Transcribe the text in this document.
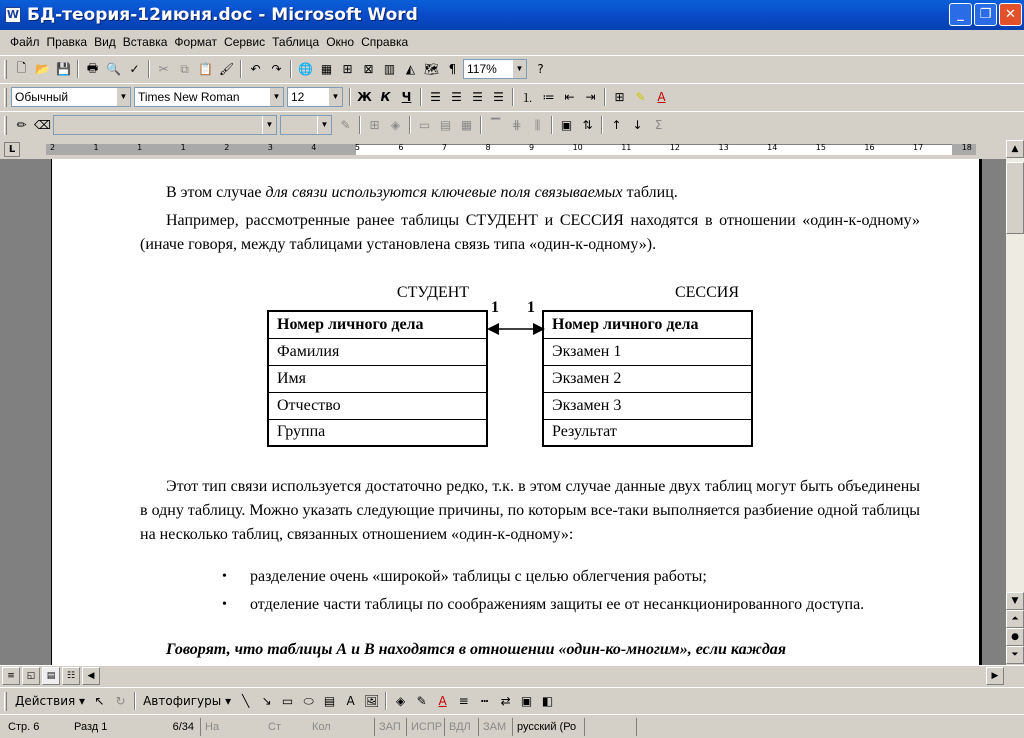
W БД-теория-12июня.doc - Microsoft Word	_	❐	✕
Файл Правка Вид Вставка Формат Сервис Таблица Окно Справка
🗋 📂 💾	🖶 🔍 ✓	✂ ⧉ 📋 🖌	↶ ↷	🌐 ▦ ⊞ ⊠ ▥ ◭ 🗺 ¶ 117%	▼	?
Обычный	▼ Times New Roman	▼ 12	▼ Ж К Ч	☰ ☰ ☰ ☰	⒈ ≔ ⇤ ⇥	⊞ ✎ A
✏ ⌫	▼	▼	✎	⊞ ◈	▭ ▤ ▦	▔ ⋕	⫼	▣ ⇅	↑ ↓	Σ
L	2	1	1	1	2	3	4	5	6	7	8	9	10	11	12	13	14	15	16	17	18

В этом случае для связи используются ключевые поля связываемых таблиц.

Например, рассмотренные ранее таблицы СТУДЕНТ и СЕССИЯ находятся в отношении «один-к-одному» (иначе говоря, между таблицами установлена связь типа «один-к-одному»).

СТУДЕНТ	СЕССИЯ
1 1
Номер личного дела
Фамилия
Имя
Отчество
Группа
Номер личного дела
Экзамен 1
Экзамен 2
Экзамен 3
Результат

Этот тип связи используется достаточно редко, т.к. в этом случае данные двух таблиц могут быть объединены в одну таблицу. Можно указать следующие причины, по которым все-таки выполняется разбиение одной таблицы на несколько таблиц, связанных отношением «один-к-одному»:

• разделение очень «широкой» таблицы с целью облегчения работы;

• отделение части таблицы по соображениям защиты ее от несанкционированного доступа.

Говорят, что таблицы А и В находятся в отношении «один-ко-многим», если каждая

▲
▼
⏶
●
⏷
≡	◱	▤	☷	◀	▶
Действия ▾ ↖ ↻	Автофигуры ▾ ╲	↘ ▭ ⬭ ▤ A 🖼	◈ ✎ A ≡	┅	⇄ ▣ ◧
Стр. 6	Разд 1	6/34	На	Ст	Кол	ЗАП ИСПР ВДЛ	ЗАМ русский (Ро
